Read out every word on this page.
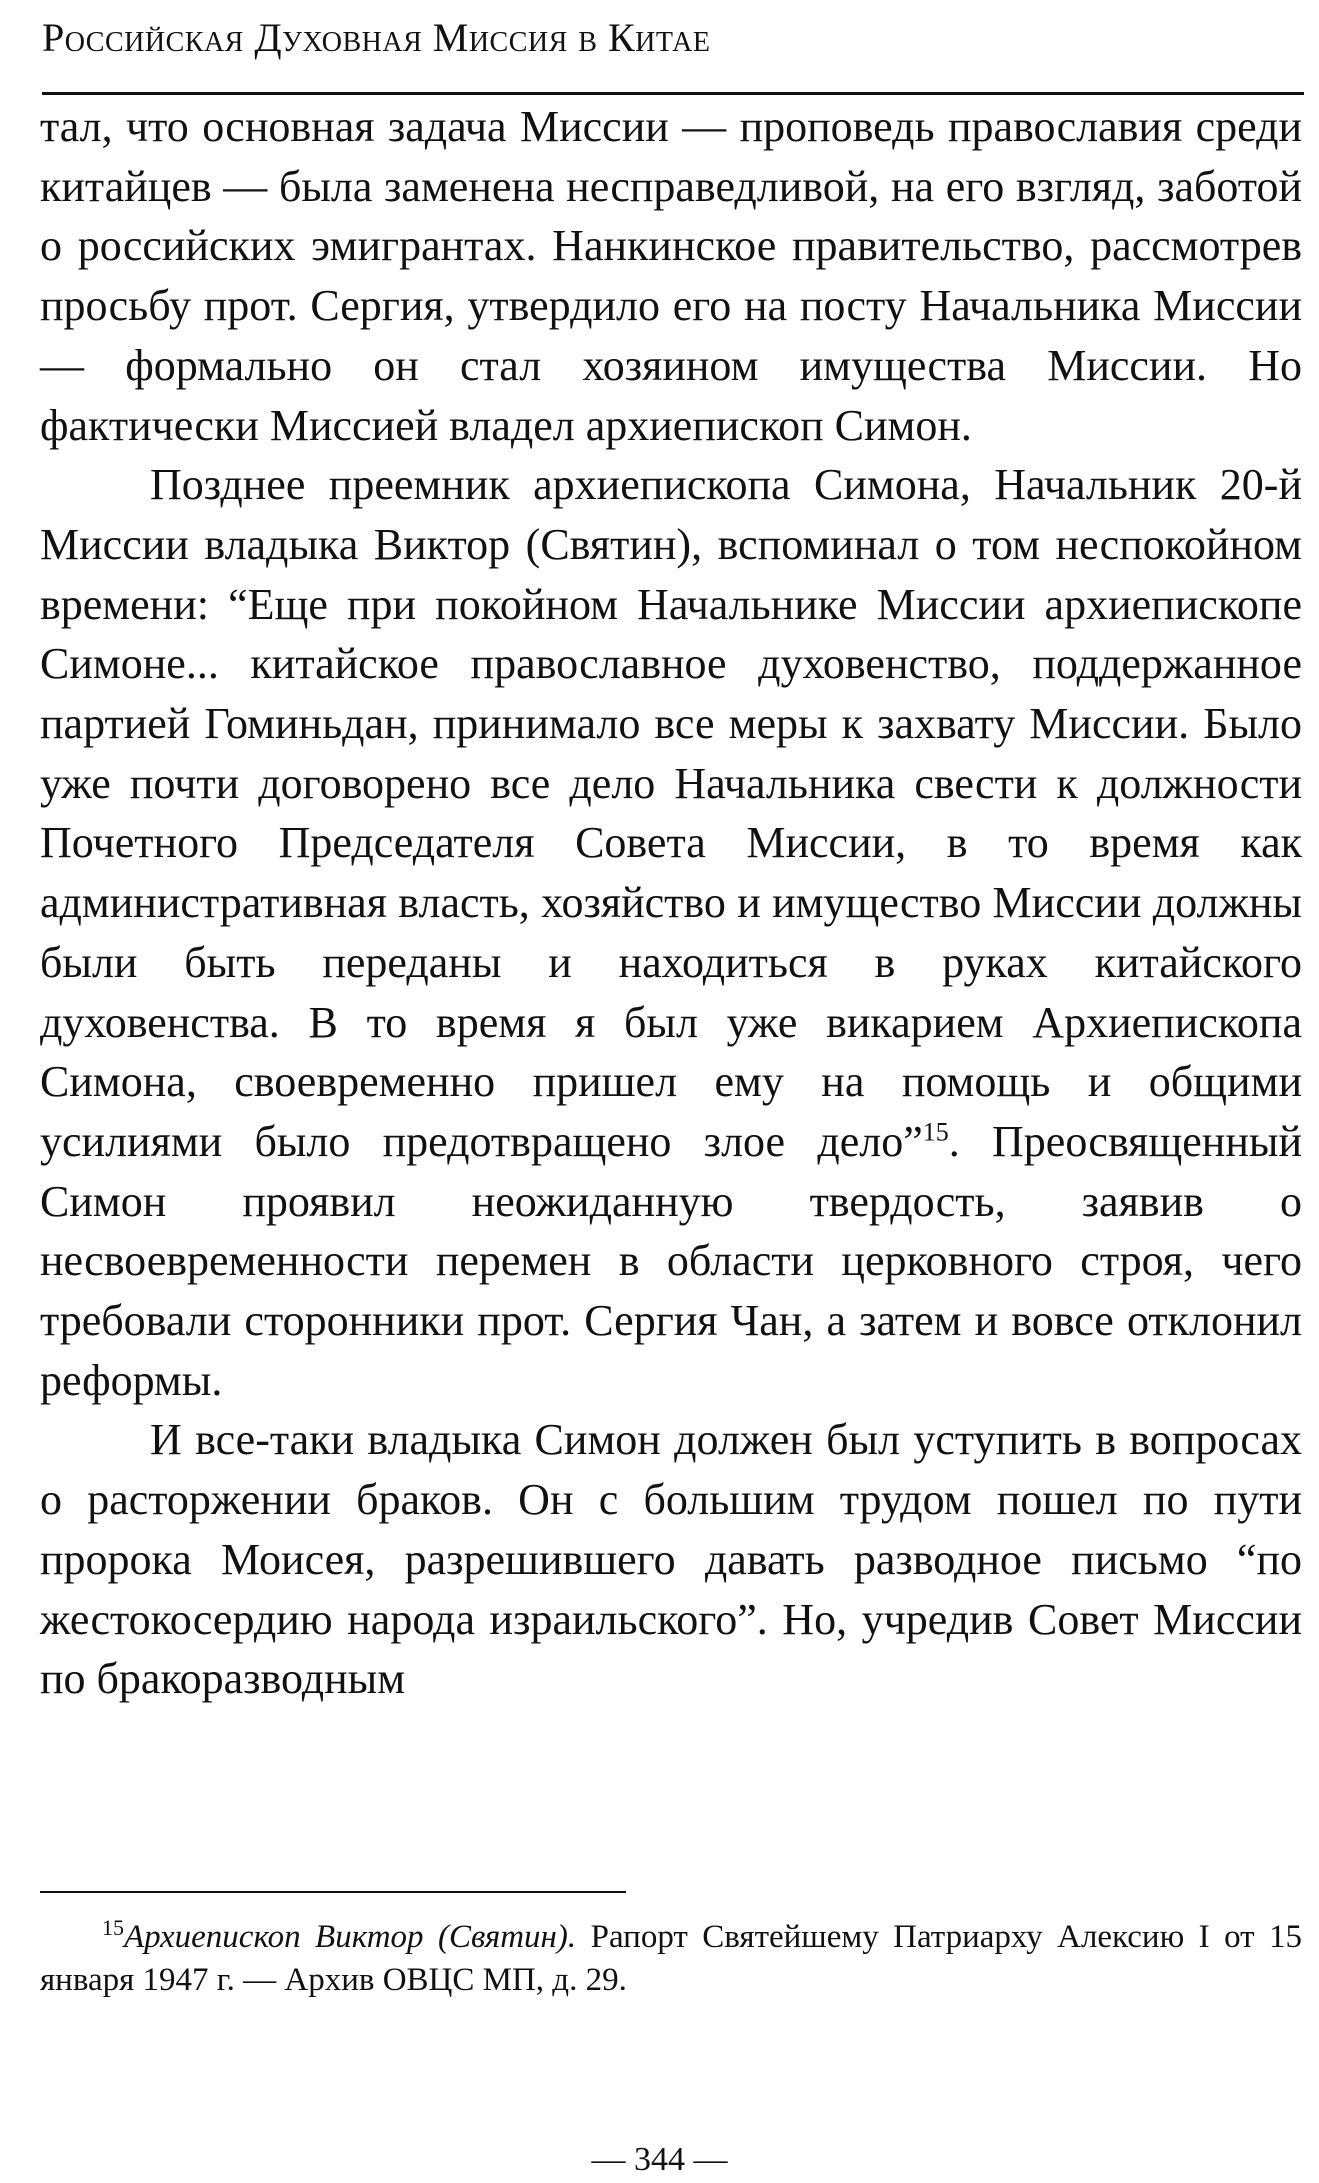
Российская Духовная Миссия в Китае

тал, что основная задача Миссии — проповедь православия среди китайцев — была заменена несправедливой, на его взгляд, заботой о российских эмигрантах. Нанкинское правительство, рассмотрев просьбу прот. Сергия, утвердило его на посту Начальника Миссии — формально он стал хозяином имущества Миссии. Но фактически Миссией владел архиепископ Симон.

Позднее преемник архиепископа Симона, Начальник 20-й Миссии владыка Виктор (Святин), вспоминал о том неспокойном времени: “Еще при покойном Начальнике Миссии архиепископе Симоне... китайское православное духовенство, поддержанное партией Гоминьдан, принимало все меры к захвату Миссии. Было уже почти договорено все дело Начальника свести к должности Почетного Председателя Совета Миссии, в то время как административная власть, хозяйство и имущество Миссии должны были быть переданы и находиться в руках китайского духовенства. В то время я был уже викарием Архиепископа Симона, своевременно пришел ему на помощь и общими усилиями было предотвращено злое дело”$^{15}$. Преосвященный Симон проявил неожиданную твердость, заявив о несвоевременности перемен в области церковного строя, чего требовали сторонники прот. Сергия Чан, а затем и вовсе отклонил реформы.

И все-таки владыка Симон должен был уступить в вопросах о расторжении браков. Он с большим трудом пошел по пути пророка Моисея, разрешившего давать разводное письмо “по жестокосердию народа израильского”. Но, учредив Совет Миссии по бракоразводным

$^{15}$Архиепископ Виктор (Святин). Рапорт Святейшему Патриарху Алексию I от 15 января 1947 г. — Архив ОВЦС МП, д. 29.
— 344 —
